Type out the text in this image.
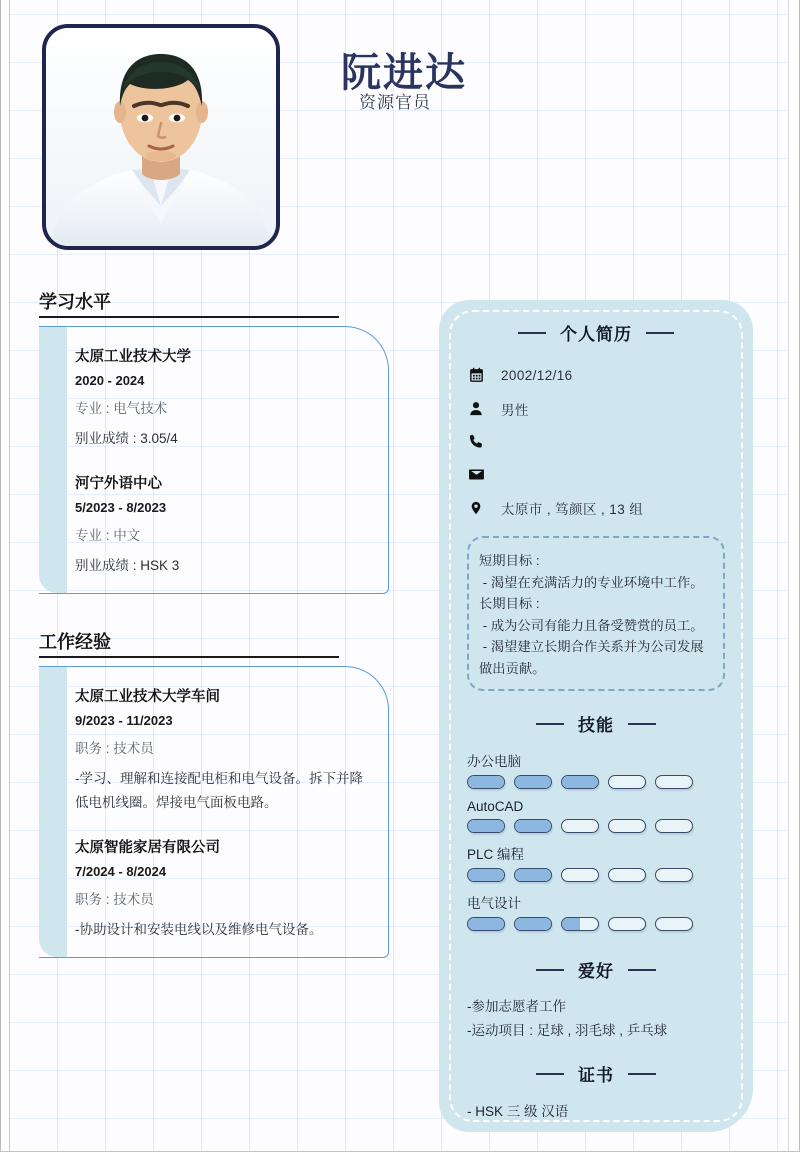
阮进达
资源官员
学习水平
太原工业技术大学
2020 - 2024
专业 : 电气技术
别业成绩 : 3.05/4
河宁外语中心
5/2023 - 8/2023
专业 : 中文
别业成绩 : HSK 3
工作经验
太原工业技术大学车间
9/2023 - 11/2023
职务 : 技术员
-学习、理解和连接配电柜和电气设备。拆下并降低电机线圈。焊接电气面板电路。
太原智能家居有限公司
7/2024 - 8/2024
职务 : 技术员
-协助设计和安装电线以及维修电气设备。
个人简历
2002/12/16
男性
太原市 , 笃颜区 , 13 组
短期目标 :
- 渴望在充满活力的专业环境中工作。
长期目标 :
- 成为公司有能力且备受赞赏的员工。
- 渴望建立长期合作关系并为公司发展做出贡献。
技能
办公电脑
AutoCAD
PLC 编程
电气设计
爱好
-参加志愿者工作
-运动项目 : 足球 , 羽毛球 , 乒乓球
证书
- HSK 三 级 汉语
